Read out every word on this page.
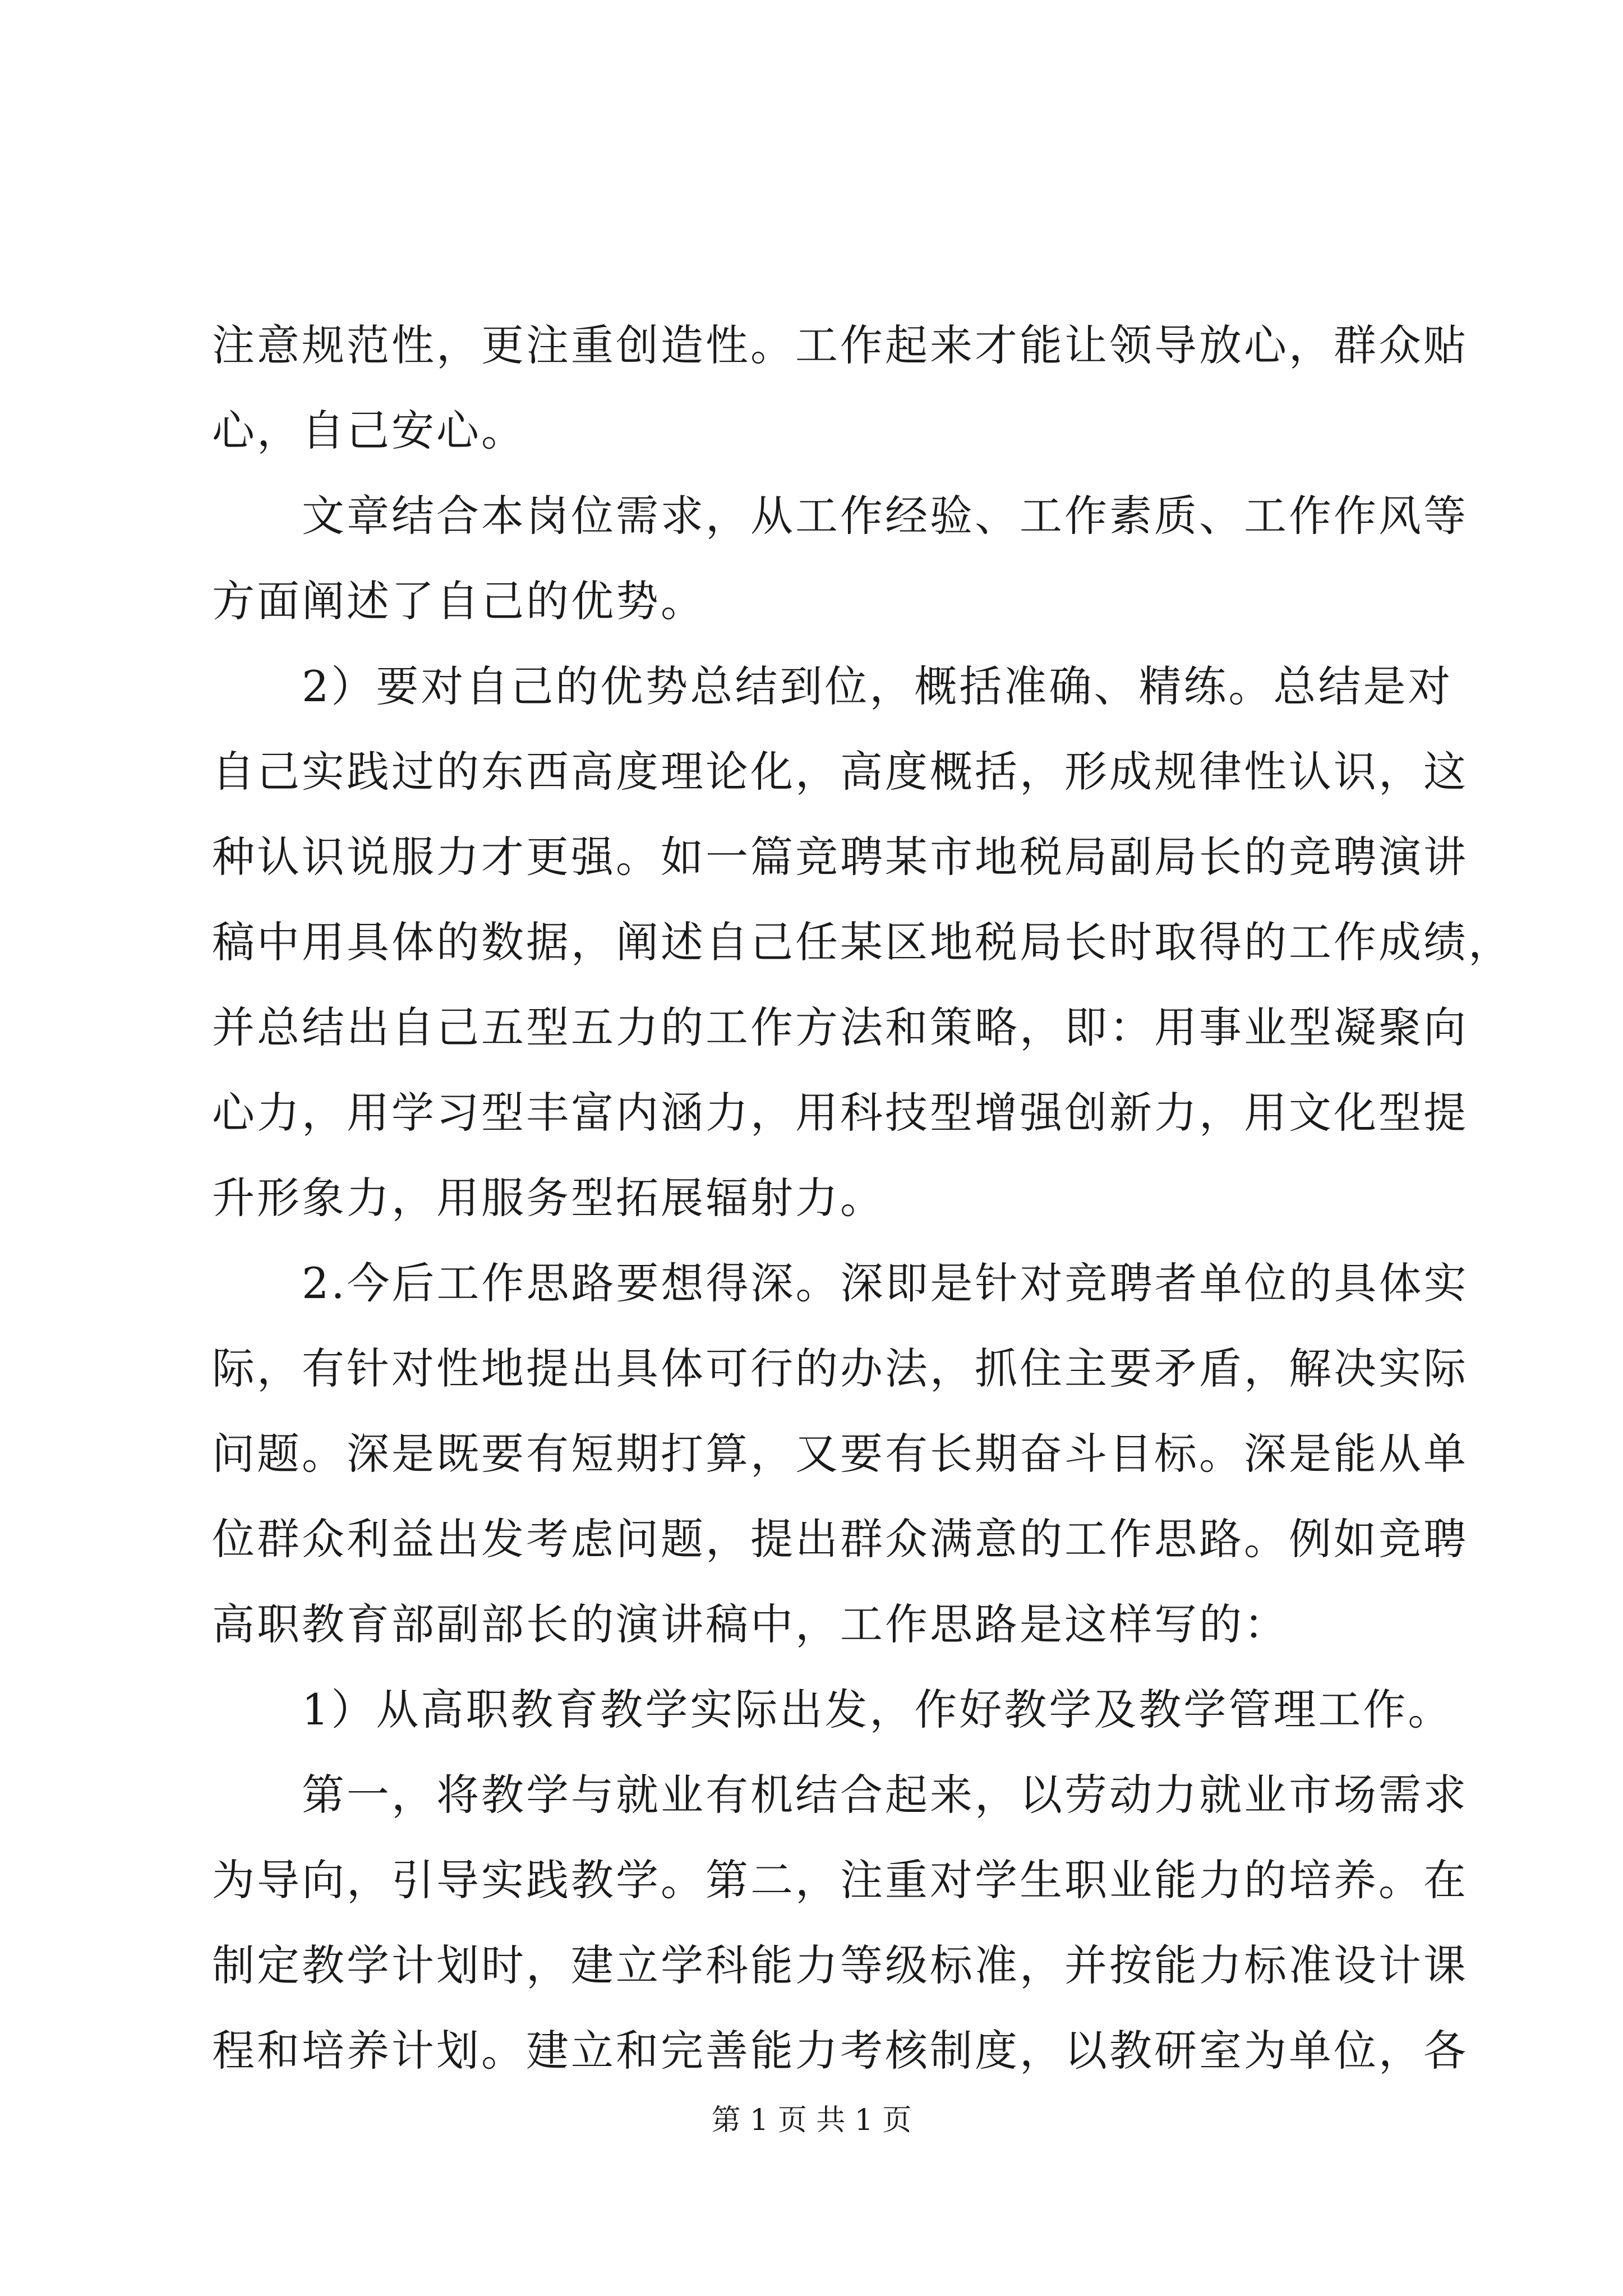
注意规范性，更注重创造性。工作起来才能让领导放心，群众贴
心，自己安心。
　　文章结合本岗位需求，从工作经验、工作素质、工作作风等
方面阐述了自己的优势。
　　2）要对自己的优势总结到位，概括准确、精练。总结是对
自己实践过的东西高度理论化，高度概括，形成规律性认识，这
种认识说服力才更强。如一篇竞聘某市地税局副局长的竞聘演讲
稿中用具体的数据，阐述自己任某区地税局长时取得的工作成绩，
并总结出自己五型五力的工作方法和策略，即：用事业型凝聚向
心力，用学习型丰富内涵力，用科技型增强创新力，用文化型提
升形象力，用服务型拓展辐射力。
　　2.今后工作思路要想得深。深即是针对竞聘者单位的具体实
际，有针对性地提出具体可行的办法，抓住主要矛盾，解决实际
问题。深是既要有短期打算，又要有长期奋斗目标。深是能从单
位群众利益出发考虑问题，提出群众满意的工作思路。例如竞聘
高职教育部副部长的演讲稿中，工作思路是这样写的：
　　1）从高职教育教学实际出发，作好教学及教学管理工作。
　　第一，将教学与就业有机结合起来，以劳动力就业市场需求
为导向，引导实践教学。第二，注重对学生职业能力的培养。在
制定教学计划时，建立学科能力等级标准，并按能力标准设计课
程和培养计划。建立和完善能力考核制度，以教研室为单位，各
第 1 页 共 1 页
